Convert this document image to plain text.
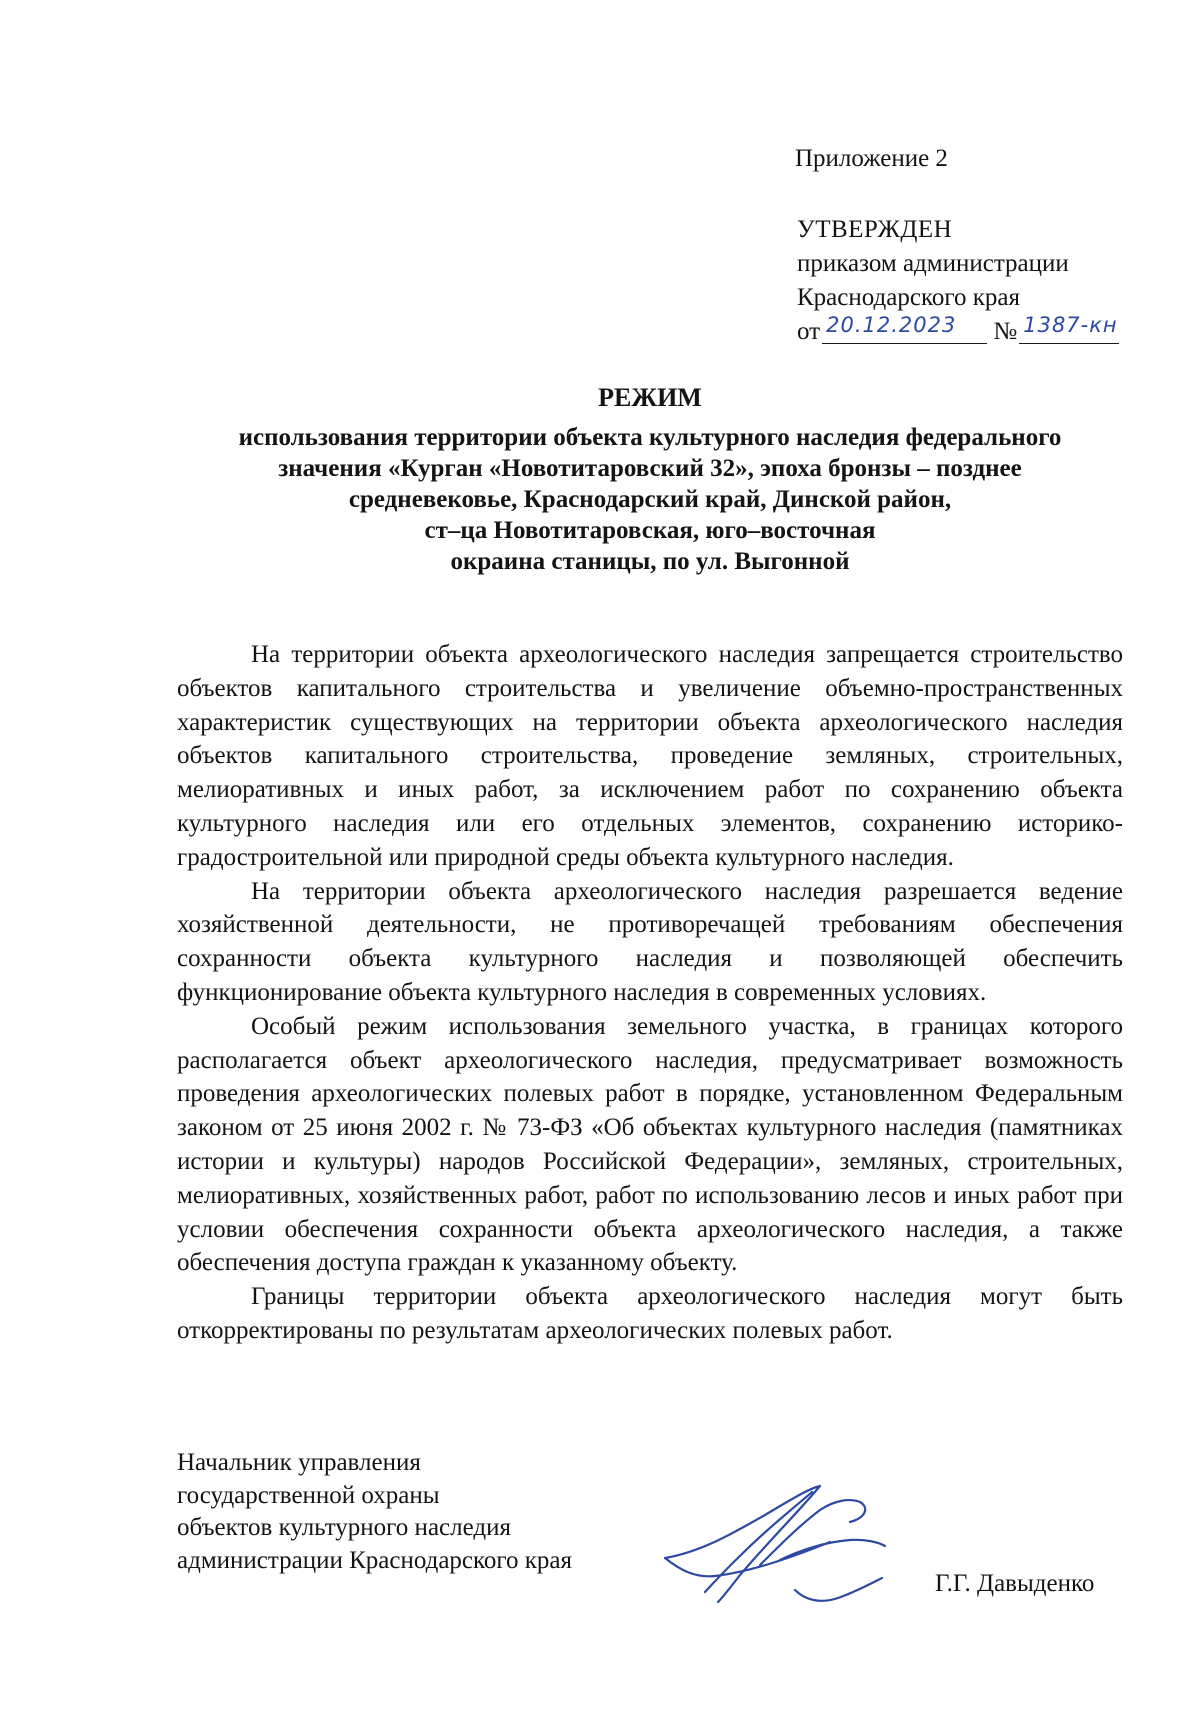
Приложение 2
УТВЕРЖДЕН
приказом администрации
Краснодарского края
от 20.12.2023 № 1387-кн
РЕЖИМ
использования территории объекта культурного наследия федерального
значения «Курган «Новотитаровский 32», эпоха бронзы – позднее
средневековье, Краснодарский край, Динской район,
ст–ца Новотитаровская, юго–восточная
окраина станицы, по ул. Выгонной

На территории объекта археологического наследия запрещается строительство объектов капитального строительства и увеличение объемно-пространственных характеристик существующих на территории объекта археологического наследия объектов капитального строительства, проведение земляных, строительных, мелиоративных и иных работ, за исключением работ по сохранению объекта культурного наследия или его отдельных элементов, сохранению историко-градостроительной или природной среды объекта культурного наследия.

На территории объекта археологического наследия разрешается ведение хозяйственной деятельности, не противоречащей требованиям обеспечения сохранности объекта культурного наследия и позволяющей обеспечить функционирование объекта культурного наследия в современных условиях.

Особый режим использования земельного участка, в границах которого располагается объект археологического наследия, предусматривает возможность проведения археологических полевых работ в порядке, установленном Федеральным законом от 25 июня 2002 г. № 73-ФЗ «Об объектах культурного наследия (памятниках истории и культуры) народов Российской Федерации», земляных, строительных, мелиоративных, хозяйственных работ, работ по использованию лесов и иных работ при условии обеспечения сохранности объекта археологического наследия, а также обеспечения доступа граждан к указанному объекту.

Границы территории объекта археологического наследия могут быть откорректированы по результатам археологических полевых работ.

Начальник управления
государственной охраны
объектов культурного наследия
администрации Краснодарского края
Г.Г. Давыденко
